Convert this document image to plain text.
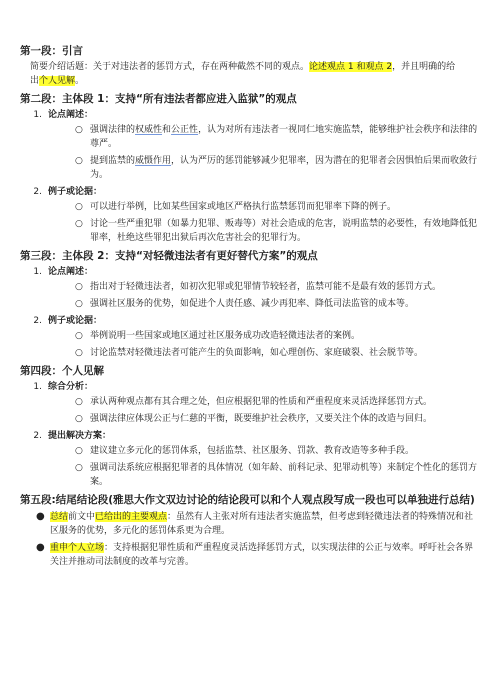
第一段：引言
简要介绍话题：关于对违法者的惩罚方式，存在两种截然不同的观点。论述观点 1 和观点 2，并且明确的给
出个人见解。
第二段：主体段 1：支持“所有违法者都应进入监狱”的观点
1. 论点阐述：
○ 强调法律的权威性和公正性，认为对所有违法者一视同仁地实施监禁，能够维护社会秩序和法律的尊严。
○ 提到监禁的威慑作用，认为严厉的惩罚能够减少犯罪率，因为潜在的犯罪者会因惧怕后果而收敛行为。
2. 例子或论据：
○ 可以进行举例，比如某些国家或地区严格执行监禁惩罚而犯罪率下降的例子。
○ 讨论一些严重犯罪（如暴力犯罪、贩毒等）对社会造成的危害，说明监禁的必要性，有效地降低犯罪率，杜绝这些罪犯出狱后再次危害社会的犯罪行为。
第三段：主体段 2：支持“对轻微违法者有更好替代方案”的观点
1. 论点阐述：
○ 指出对于轻微违法者，如初次犯罪或犯罪情节较轻者，监禁可能不是最有效的惩罚方式。
○ 强调社区服务的优势，如促进个人责任感、减少再犯率、降低司法监管的成本等。
2. 例子或论据：
○ 举例说明一些国家或地区通过社区服务成功改造轻微违法者的案例。
○ 讨论监禁对轻微违法者可能产生的负面影响，如心理创伤、家庭破裂、社会脱节等。
第四段：个人见解
1. 综合分析：
○ 承认两种观点都有其合理之处，但应根据犯罪的性质和严重程度来灵活选择惩罚方式。
○ 强调法律应体现公正与仁慈的平衡，既要维护社会秩序，又要关注个体的改造与回归。
2. 提出解决方案：
○ 建议建立多元化的惩罚体系，包括监禁、社区服务、罚款、教育改造等多种手段。
○ 强调司法系统应根据犯罪者的具体情况（如年龄、前科记录、犯罪动机等）来制定个性化的惩罚方案。
第五段:结尾结论段(雅思大作文双边讨论的结论段可以和个人观点段写成一段也可以单独进行总结)
● 总结前文中已给出的主要观点：虽然有人主张对所有违法者实施监禁，但考虑到轻微违法者的特殊情况和社区服务的优势，多元化的惩罚体系更为合理。
● 重申个人立场：支持根据犯罪性质和严重程度灵活选择惩罚方式，以实现法律的公正与效率。呼吁社会各界关注并推动司法制度的改革与完善。
